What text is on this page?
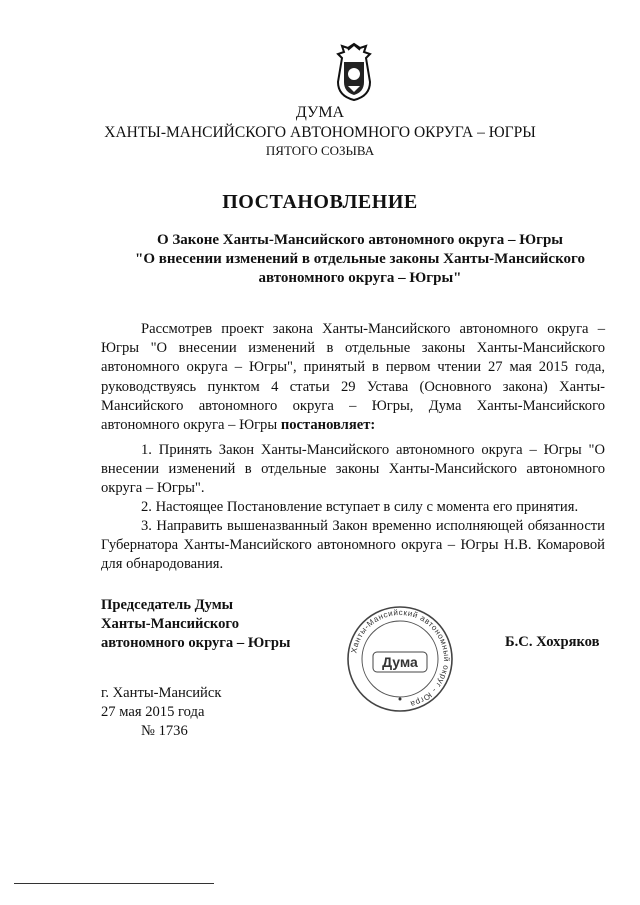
ДУМА
ХАНТЫ-МАНСИЙСКОГО АВТОНОМНОГО ОКРУГА – ЮГРЫ
ПЯТОГО СОЗЫВА
ПОСТАНОВЛЕНИЕ
О Законе Ханты-Мансийского автономного округа – Югры
"О внесении изменений в отдельные законы Ханты-Мансийского
автономного округа – Югры"
Рассмотрев проект закона Ханты-Мансийского автономного округа – Югры "О внесении изменений в отдельные законы Ханты-Мансийского автономного округа – Югры", принятый в первом чтении 27 мая 2015 года, руководствуясь пунктом 4 статьи 29 Устава (Основного закона) Ханты-Мансийского автономного округа – Югры, Дума Ханты-Мансийского автономного округа – Югры постановляет:
1. Принять Закон Ханты-Мансийского автономного округа – Югры "О внесении изменений в отдельные законы Ханты-Мансийского автономного округа – Югры".
2. Настоящее Постановление вступает в силу с момента его принятия.
3. Направить вышеназванный Закон временно исполняющей обязанности Губернатора Ханты-Мансийского автономного округа – Югры Н.В. Комаровой для обнародования.
Председатель Думы
Ханты-Мансийского
автономного округа – Югры	Ханты-Мансийский автономный округ - Югра
Дума
Б.С. Хохряков
г. Ханты-Мансийск
27 мая 2015 года
№ 1736
